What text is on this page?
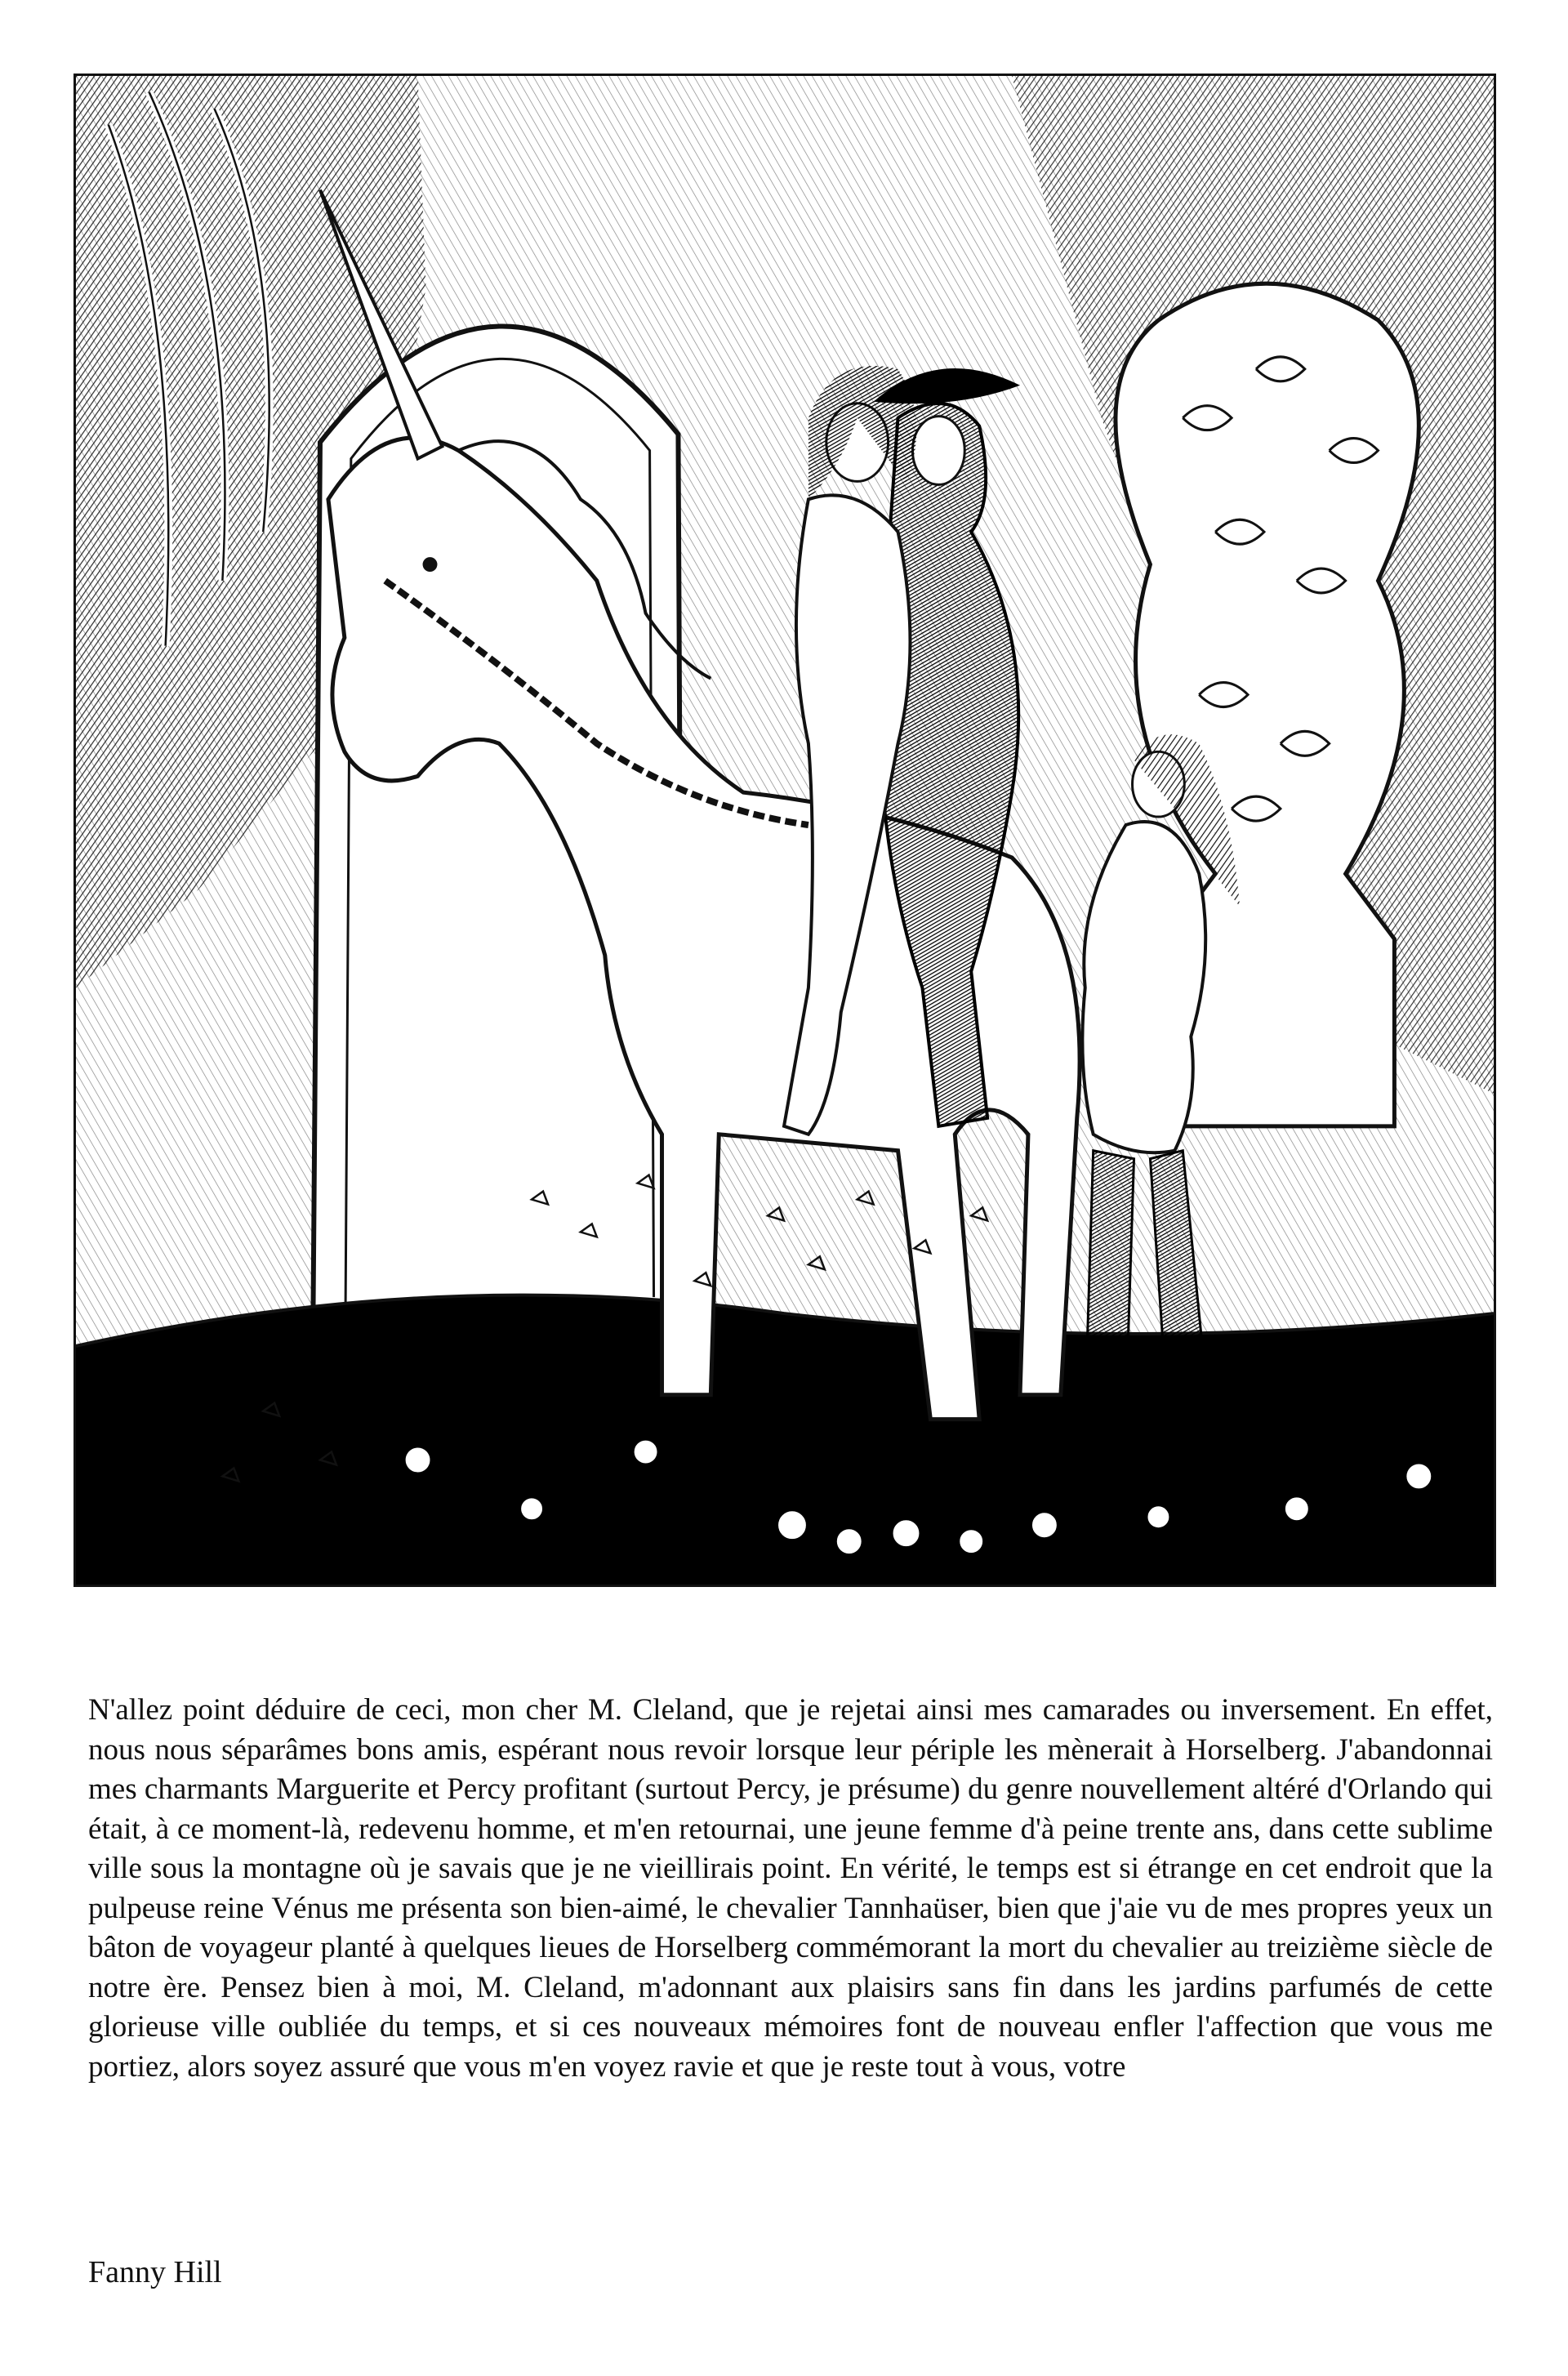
N'allez point déduire de ceci, mon cher M. Cleland, que je rejetai ainsi mes camarades ou inversement. En effet, nous nous séparâmes bons amis, espérant nous revoir lorsque leur périple les mènerait à Horselberg. J'abandonnai mes charmants Marguerite et Percy profitant (surtout Percy, je présume) du genre nouvellement altéré d'Orlando qui était, à ce moment-là, redevenu homme, et m'en retournai, une jeune femme d'à peine trente ans, dans cette sublime ville sous la montagne où je savais que je ne vieillirais point. En vérité, le temps est si étrange en cet endroit que la pulpeuse reine Vénus me présenta son bien-aimé, le chevalier Tannhaüser, bien que j'aie vu de mes propres yeux un bâton de voyageur planté à quelques lieues de Horselberg commémorant la mort du chevalier au treizième siècle de notre ère. Pensez bien à moi, M. Cleland, m'adonnant aux plaisirs sans fin dans les jardins parfumés de cette glorieuse ville oubliée du temps, et si ces nouveaux mémoires font de nouveau enfler l'affection que vous me portiez, alors soyez assuré que vous m'en voyez ravie et que je reste tout à vous, votre

Fanny Hill
